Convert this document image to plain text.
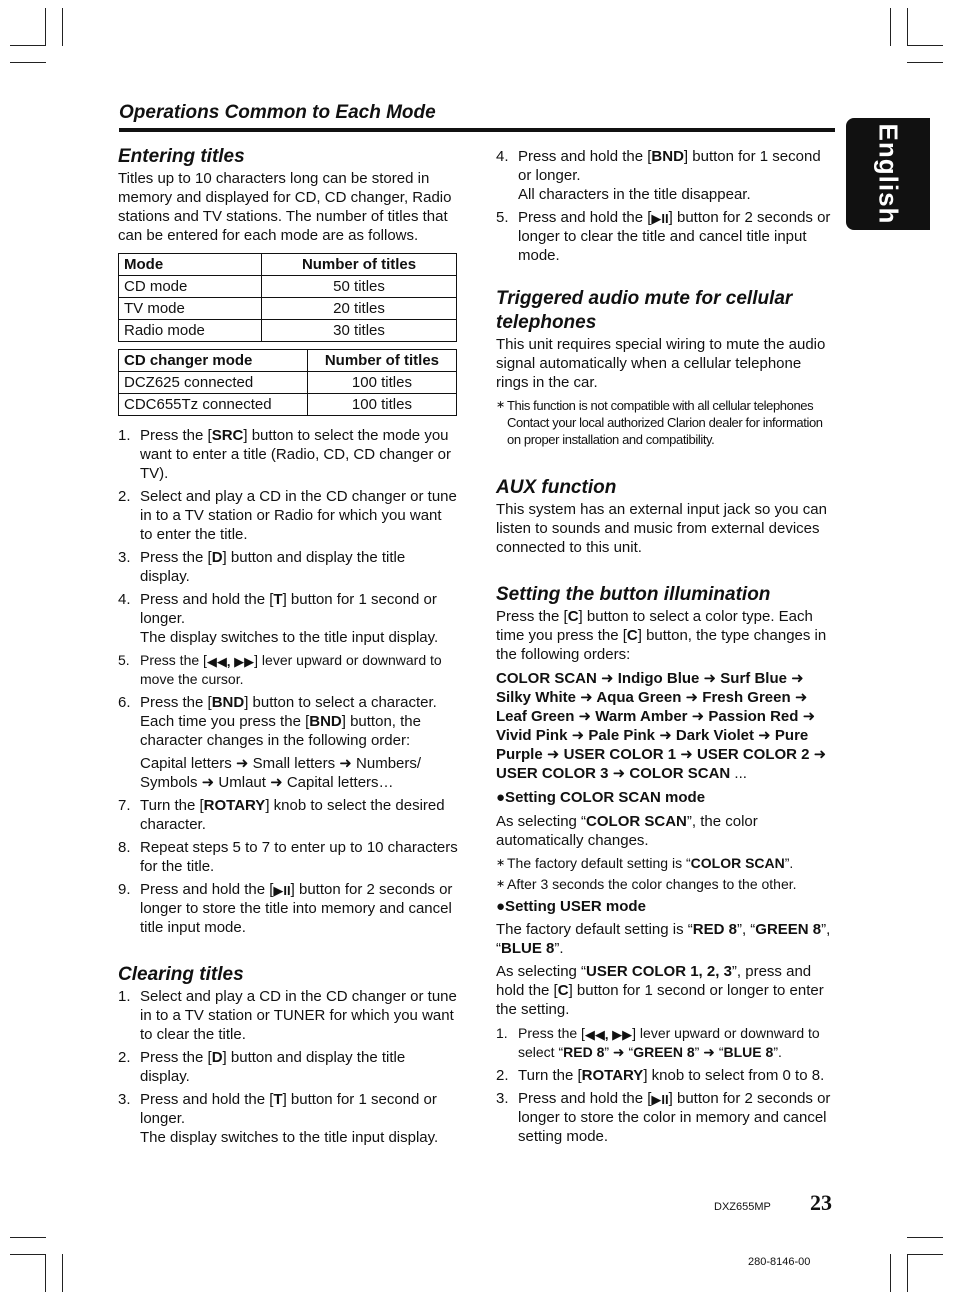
Operations Common to Each Mode
English
Entering titles

Titles up to 10 characters long can be stored in memory and displayed for CD, CD changer, Radio stations and TV stations. The number of titles that can be entered for each mode are as follows.

Mode	Number of titles
CD mode	50 titles
TV mode	20 titles
Radio mode	30 titles
CD changer mode	Number of titles
DCZ625 connected	100 titles
CDC655Tz connected	100 titles
1. Press the [SRC] button to select the mode you want to enter a title (Radio, CD, CD changer or TV).
2. Select and play a CD in the CD changer or tune in to a TV station or Radio for which you want to enter the title.
3. Press the [D] button and display the title display.
4. Press and hold the [T] button for 1 second or longer.
The display switches to the title input display.
5. Press the [◀◀, ▶▶] lever upward or downward to move the cursor.
6. Press the [BND] button to select a character. Each time you press the [BND] button, the character changes in the following order:
Capital letters ➜ Small letters ➜ Numbers/ Symbols ➜ Umlaut ➜ Capital letters…
7. Turn the [ROTARY] knob to select the desired character.
8. Repeat steps 5 to 7 to enter up to 10 characters for the title.
9. Press and hold the [▶II] button for 2 seconds or longer to store the title into memory and cancel title input mode.
Clearing titles
1. Select and play a CD in the CD changer or tune in to a TV station or TUNER for which you want to clear the title.
2. Press the [D] button and display the title display.
3. Press and hold the [T] button for 1 second or longer.
The display switches to the title input display.
4. Press and hold the [BND] button for 1 second or longer.
All characters in the title disappear.
5. Press and hold the [▶II] button for 2 seconds or longer to clear the title and cancel title input mode.
Triggered audio mute for cellular telephones

This unit requires special wiring to mute the audio signal automatically when a cellular telephone rings in the car.

∗ This function is not compatible with all cellular telephones Contact your local authorized Clarion dealer for information on proper installation and compatibility.
AUX function

This system has an external input jack so you can listen to sounds and music from external devices connected to this unit.

Setting the button illumination

Press the [C] button to select a color type. Each time you press the [C] button, the type changes in the following orders:

COLOR SCAN ➜ Indigo Blue ➜ Surf Blue ➜ Silky White ➜ Aqua Green ➜ Fresh Green ➜ Leaf Green ➜ Warm Amber ➜ Passion Red ➜ Vivid Pink ➜ Pale Pink ➜ Dark Violet ➜ Pure Purple ➜ USER COLOR 1 ➜ USER COLOR 2 ➜ USER COLOR 3 ➜ COLOR SCAN ...

●Setting COLOR SCAN mode

As selecting “COLOR SCAN”, the color automatically changes.

∗ The factory default setting is “COLOR SCAN”.
∗ After 3 seconds the color changes to the other.

●Setting USER mode

The factory default setting is “RED 8”, “GREEN 8”, “BLUE 8”.

As selecting “USER COLOR 1, 2, 3”, press and hold the [C] button for 1 second or longer to enter the setting.

1. Press the [◀◀, ▶▶] lever upward or downward to select “RED 8” ➜ “GREEN 8” ➜ “BLUE 8”.
2. Turn the [ROTARY] knob to select from 0 to 8.
3. Press and hold the [▶II] button for 2 seconds or longer to store the color in memory and cancel setting mode.
DXZ655MP 23
280-8146-00
